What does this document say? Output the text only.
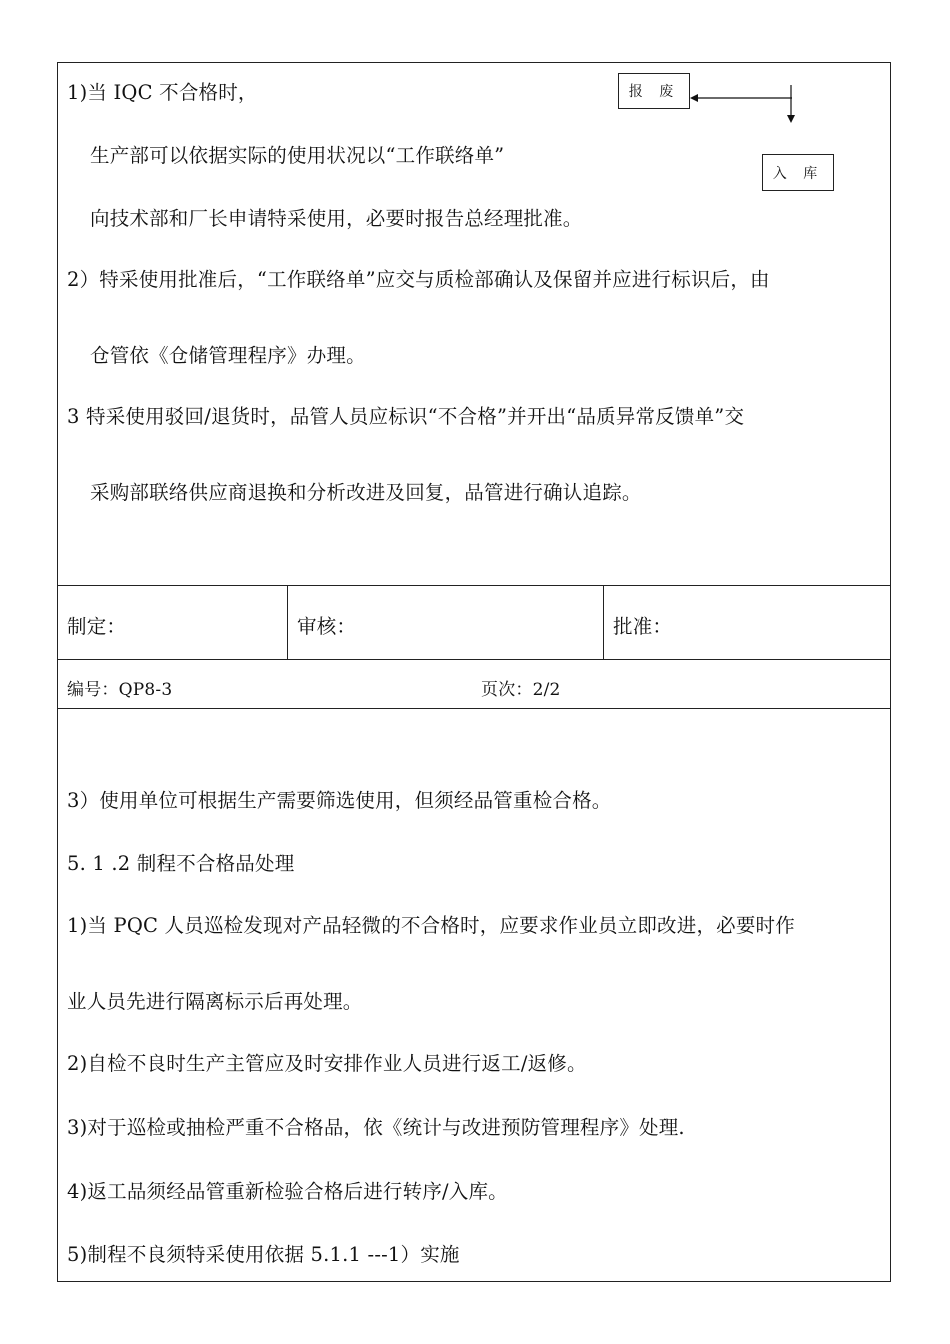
1)当 IQC 不合格时，
生产部可以依据实际的使用状况以“工作联络单”
向技术部和厂长申请特采使用，必要时报告总经理批准。
2）特采使用批准后，“工作联络单”应交与质检部确认及保留并应进行标识后，由
仓管依《仓储管理程序》办理。
3 特采使用驳回/退货时，品管人员应标识“不合格”并开出“品质异常反馈单”交
采购部联络供应商退换和分析改进及回复，品管进行确认追踪。
报 废
入 库
制定：	审核：	批准：
编号：QP8-3	页次：2/2
3）使用单位可根据生产需要筛选使用，但须经品管重检合格。
5. 1 .2 制程不合格品处理
1)当 PQC 人员巡检发现对产品轻微的不合格时，应要求作业员立即改进，必要时作
业人员先进行隔离标示后再处理。
2)自检不良时生产主管应及时安排作业人员进行返工/返修。
3)对于巡检或抽检严重不合格品，依《统计与改进预防管理程序》处理.
4)返工品须经品管重新检验合格后进行转序/入库。
5)制程不良须特采使用依据 5.1.1 ---1）实施
